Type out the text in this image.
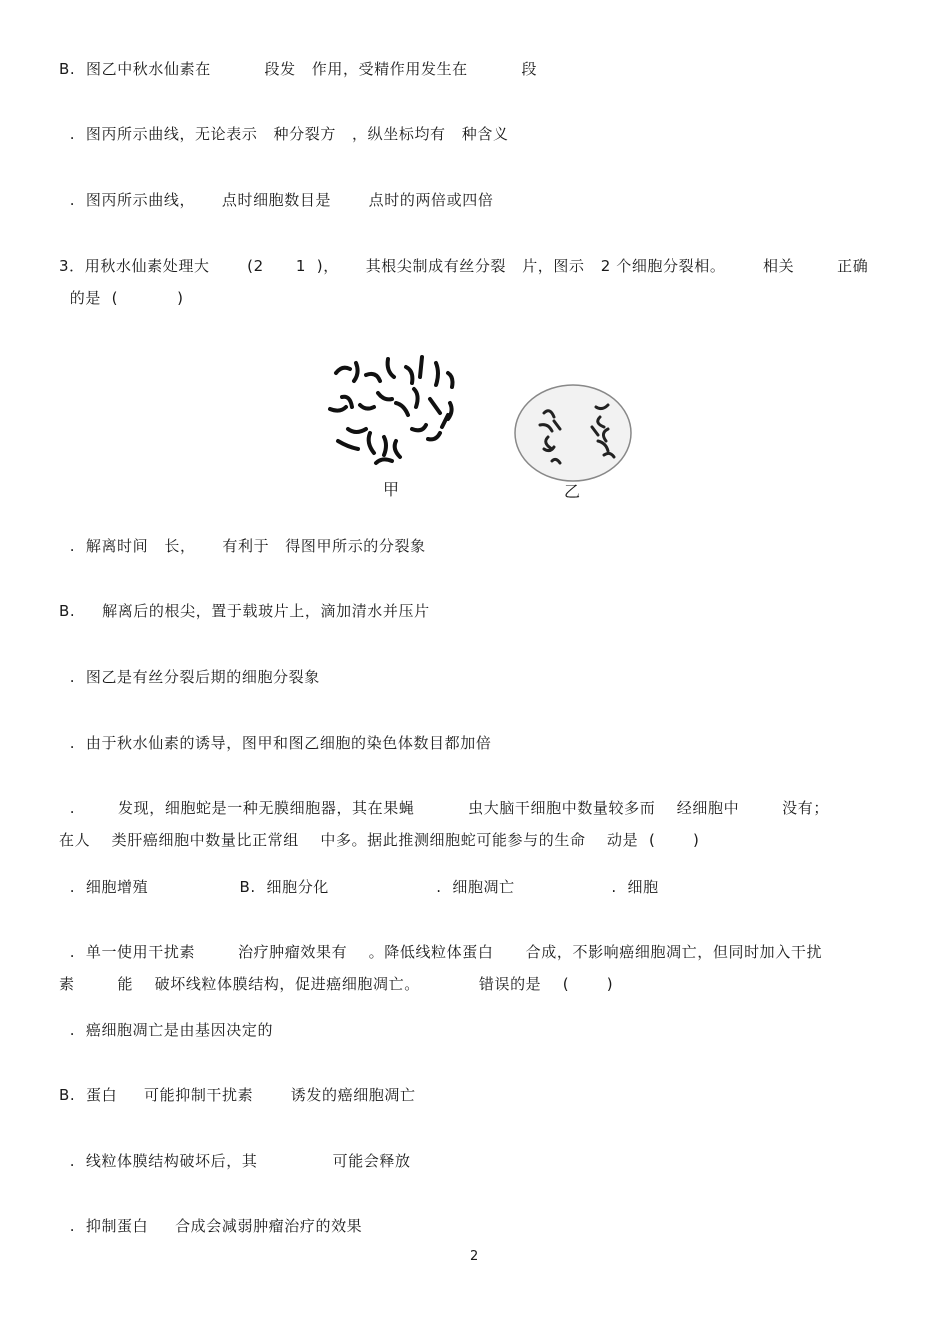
B.  图乙中秋水仙素在          段发   作用，受精作用发生在          段
.  图丙所示曲线，无论表示   种分裂方   ，纵坐标均有   种含义
.  图丙所示曲线，     点时细胞数目是       点时的两倍或四倍
3．用秋水仙素处理大       (2      1  )，     其根尖制成有丝分裂   片，图示   2 个细胞分裂相。       相关        正确
的是  (           )
甲	乙
.  解离时间   长，     有利于   得图甲所示的分裂象
B.     解离后的根尖，置于载玻片上，滴加清水并压片
.  图乙是有丝分裂后期的细胞分裂象
.  由于秋水仙素的诱导，图甲和图乙细胞的染色体数目都加倍
.        发现，细胞蛇是一种无膜细胞器，其在果蝇          虫大脑干细胞中数量较多而    经细胞中        没有；
在人    类肝癌细胞中数量比正常组    中多。据此推测细胞蛇可能参与的生命    动是  (       )
.  细胞增殖                 B.  细胞分化                    .  细胞凋亡                  .  细胞
.  单一使用干扰素        治疗肿瘤效果有    。降低线粒体蛋白      合成，不影响癌细胞凋亡，但同时加入干扰
素        能    破坏线粒体膜结构，促进癌细胞凋亡。           错误的是    (       )
.  癌细胞凋亡是由基因决定的
B.  蛋白     可能抑制干扰素       诱发的癌细胞凋亡
.  线粒体膜结构破坏后，其              可能会释放
.  抑制蛋白     合成会减弱肿瘤治疗的效果
2
